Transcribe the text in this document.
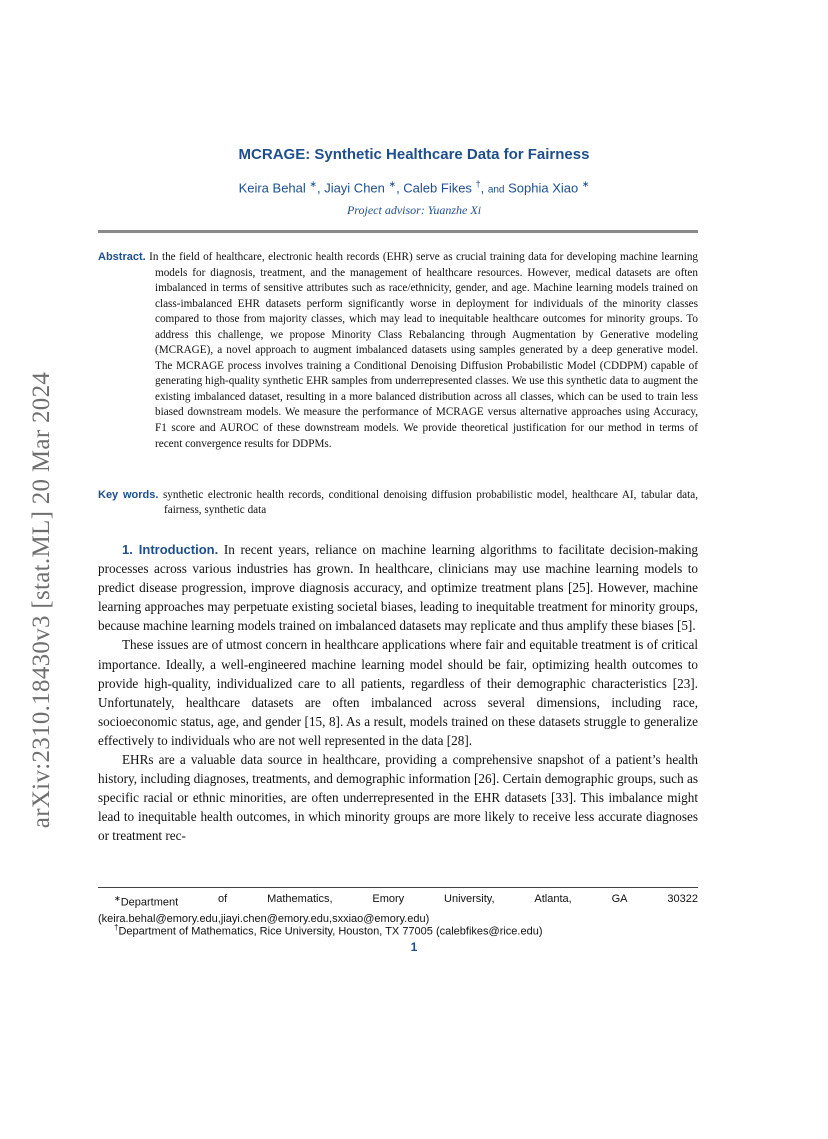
arXiv:2310.18430v3 [stat.ML] 20 Mar 2024
MCRAGE: Synthetic Healthcare Data for Fairness
Keira Behal ∗, Jiayi Chen ∗, Caleb Fikes †, and Sophia Xiao ∗
Project advisor: Yuanzhe Xi
Abstract. In the field of healthcare, electronic health records (EHR) serve as crucial training data for developing machine learning models for diagnosis, treatment, and the management of healthcare resources. However, medical datasets are often imbalanced in terms of sensitive attributes such as race/ethnicity, gender, and age. Machine learning models trained on class-imbalanced EHR datasets perform significantly worse in deployment for individuals of the minority classes compared to those from majority classes, which may lead to inequitable healthcare outcomes for minority groups. To address this challenge, we propose Minority Class Rebalancing through Augmentation by Generative modeling (MCRAGE), a novel approach to augment imbalanced datasets using samples generated by a deep generative model. The MCRAGE process involves training a Conditional Denoising Diffusion Probabilistic Model (CDDPM) capable of generating high-quality synthetic EHR samples from underrepresented classes. We use this synthetic data to augment the existing imbalanced dataset, resulting in a more balanced distribution across all classes, which can be used to train less biased downstream models. We measure the performance of MCRAGE versus alternative approaches using Accuracy, F1 score and AUROC of these downstream models. We provide theoretical justification for our method in terms of recent convergence results for DDPMs.
Key words. synthetic electronic health records, conditional denoising diffusion probabilistic model, healthcare AI, tabular data, fairness, synthetic data

1. Introduction. In recent years, reliance on machine learning algorithms to facilitate decision-making processes across various industries has grown. In healthcare, clinicians may use machine learning models to predict disease progression, improve diagnosis accuracy, and optimize treatment plans [25]. However, machine learning approaches may perpetuate existing societal biases, leading to inequitable treatment for minority groups, because machine learning models trained on imbalanced datasets may replicate and thus amplify these biases [5].

These issues are of utmost concern in healthcare applications where fair and equitable treatment is of critical importance. Ideally, a well-engineered machine learning model should be fair, optimizing health outcomes to provide high-quality, individualized care to all patients, regardless of their demographic characteristics [23]. Unfortunately, healthcare datasets are often imbalanced across several dimensions, including race, socioeconomic status, age, and gender [15, 8]. As a result, models trained on these datasets struggle to generalize effectively to individuals who are not well represented in the data [28].

EHRs are a valuable data source in healthcare, providing a comprehensive snapshot of a patient’s health history, including diagnoses, treatments, and demographic information [26]. Certain demographic groups, such as specific racial or ethnic minorities, are often underrepresented in the EHR datasets [33]. This imbalance might lead to inequitable health outcomes, in which minority groups are more likely to receive less accurate diagnoses or treatment rec-

∗Department	of	Mathematics,	Emory	University,	Atlanta,	GA	30322
(keira.behal@emory.edu,jiayi.chen@emory.edu,sxxiao@emory.edu)
†Department of Mathematics, Rice University, Houston, TX 77005 (calebfikes@rice.edu)
1
